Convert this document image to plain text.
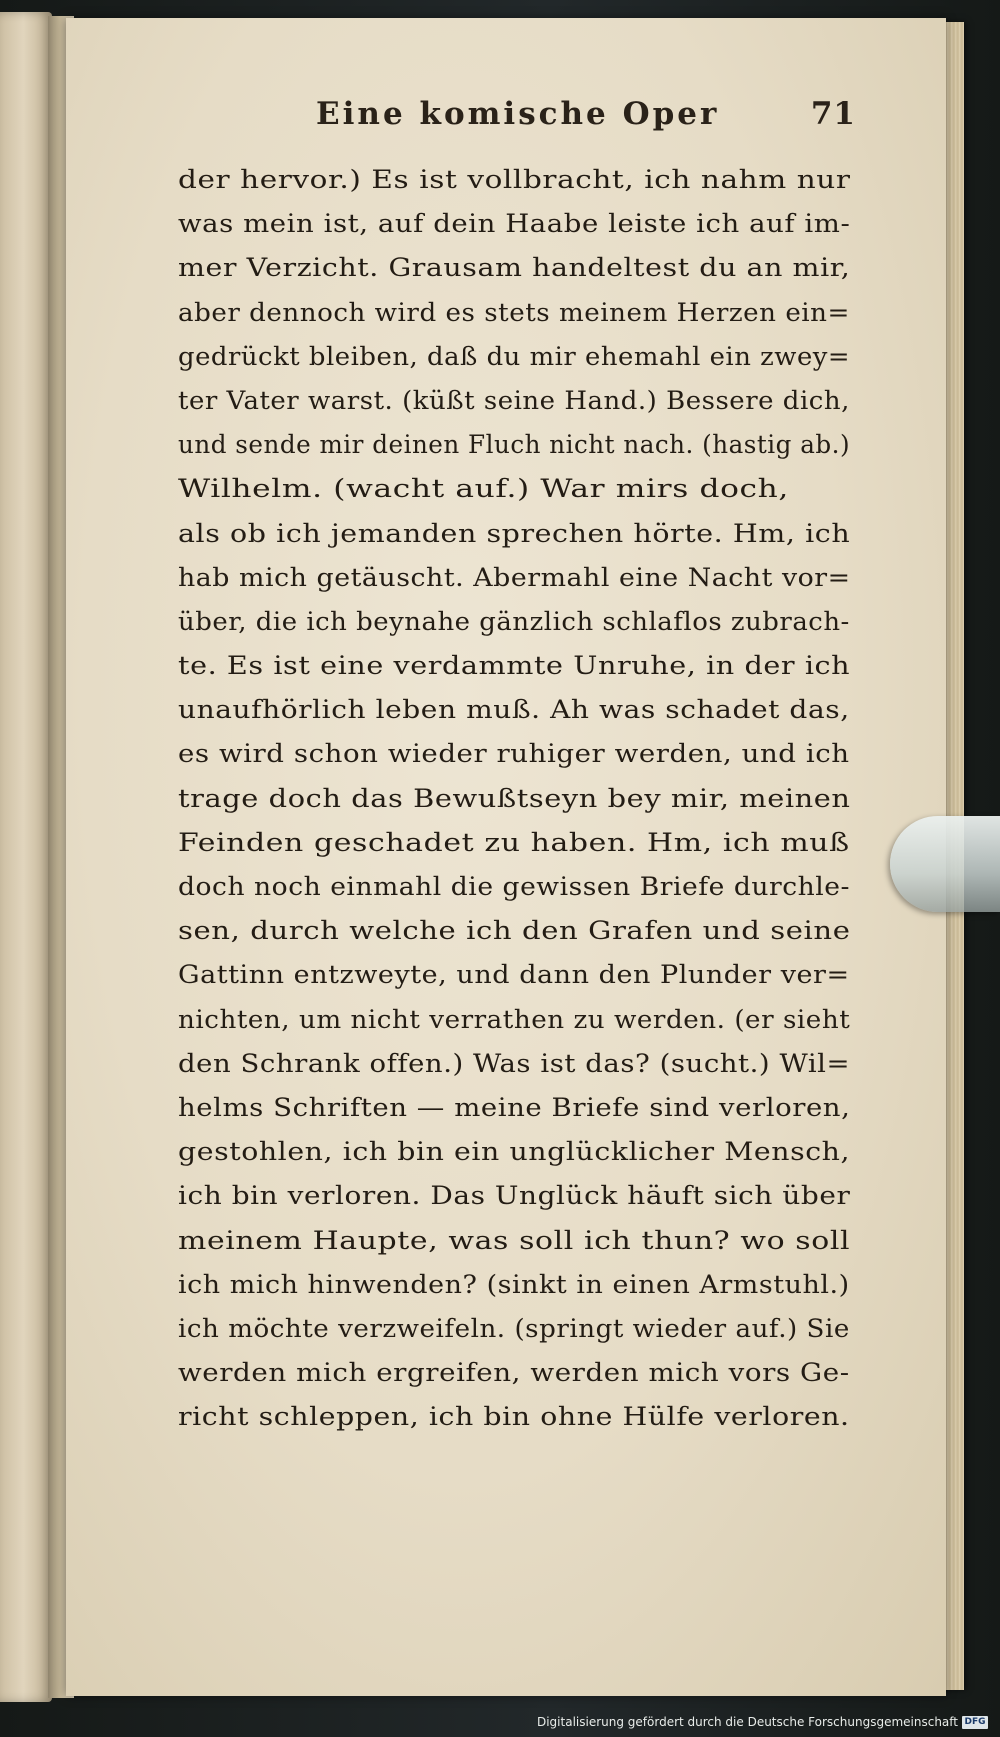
Eine komische Oper	71
der hervor.) Es ist vollbracht, ich nahm nur
was mein ist, auf dein Haabe leiste ich auf im-
mer Verzicht. Grausam handeltest du an mir,
aber dennoch wird es stets meinem Herzen ein=
gedrückt bleiben, daß du mir ehemahl ein zwey=
ter Vater warst. (küßt seine Hand.) Bessere dich,
und sende mir deinen Fluch nicht nach. (hastig ab.)
Wilhelm. (wacht auf.) War mirs doch,
als ob ich jemanden sprechen hörte. Hm, ich
hab mich getäuscht. Abermahl eine Nacht vor=
über, die ich beynahe gänzlich schlaflos zubrach-
te. Es ist eine verdammte Unruhe, in der ich
unaufhörlich leben muß. Ah was schadet das,
es wird schon wieder ruhiger werden, und ich
trage doch das Bewußtseyn bey mir, meinen
Feinden geschadet zu haben. Hm, ich muß
doch noch einmahl die gewissen Briefe durchle-
sen, durch welche ich den Grafen und seine
Gattinn entzweyte, und dann den Plunder ver=
nichten, um nicht verrathen zu werden. (er sieht
den Schrank offen.) Was ist das? (sucht.) Wil=
helms Schriften — meine Briefe sind verloren,
gestohlen, ich bin ein unglücklicher Mensch,
ich bin verloren. Das Unglück häuft sich über
meinem Haupte, was soll ich thun? wo soll
ich mich hinwenden? (sinkt in einen Armstuhl.)
ich möchte verzweifeln. (springt wieder auf.) Sie
werden mich ergreifen, werden mich vors Ge-
richt schleppen, ich bin ohne Hülfe verloren.
Digitalisierung gefördert durch die Deutsche Forschungsgemeinschaft DFG
